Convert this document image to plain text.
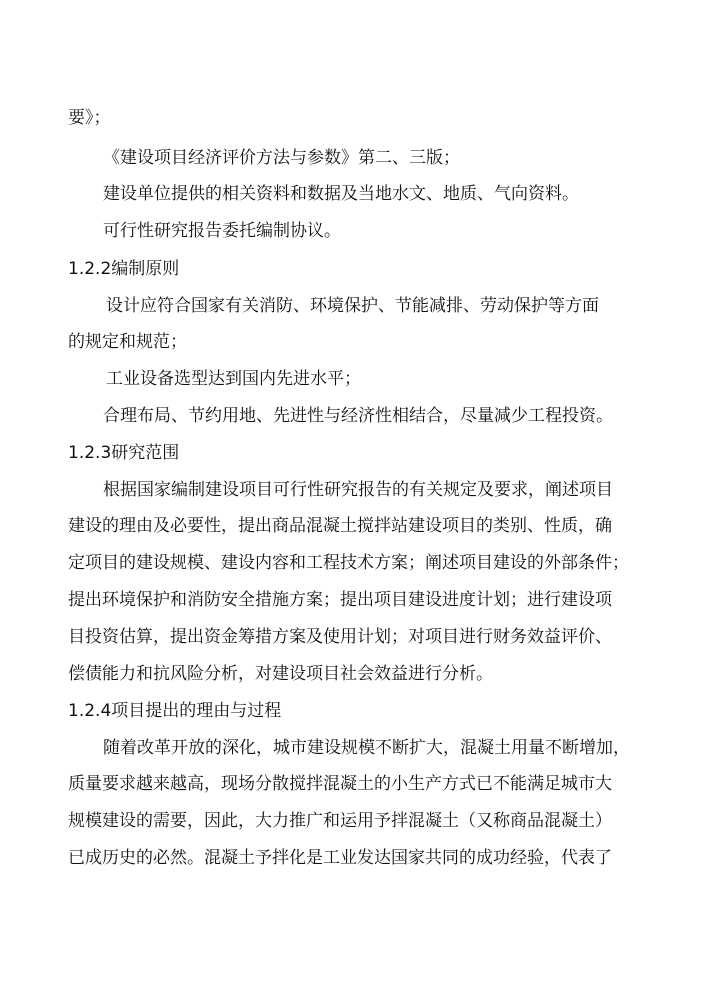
要》；
《建设项目经济评价方法与参数》第二、三版；
建设单位提供的相关资料和数据及当地水文、地质、气向资料。
可行性研究报告委托编制协议。
1.2.2编制原则
设计应符合国家有关消防、环境保护、节能减排、劳动保护等方面
的规定和规范；
工业设备选型达到国内先进水平；
合理布局、节约用地、先进性与经济性相结合，尽量减少工程投资。
1.2.3研究范围
根据国家编制建设项目可行性研究报告的有关规定及要求，阐述项目
建设的理由及必要性，提出商品混凝土搅拌站建设项目的类别、性质，确
定项目的建设规模、建设内容和工程技术方案；阐述项目建设的外部条件；
提出环境保护和消防安全措施方案；提出项目建设进度计划；进行建设项
目投资估算，提出资金筹措方案及使用计划；对项目进行财务效益评价、
偿债能力和抗风险分析，对建设项目社会效益进行分析。
1.2.4项目提出的理由与过程
随着改革开放的深化，城市建设规模不断扩大，混凝土用量不断增加，
质量要求越来越高，现场分散搅拌混凝土的小生产方式已不能满足城市大
规模建设的需要，因此，大力推广和运用予拌混凝土（又称商品混凝土）
已成历史的必然。混凝土予拌化是工业发达国家共同的成功经验，代表了
